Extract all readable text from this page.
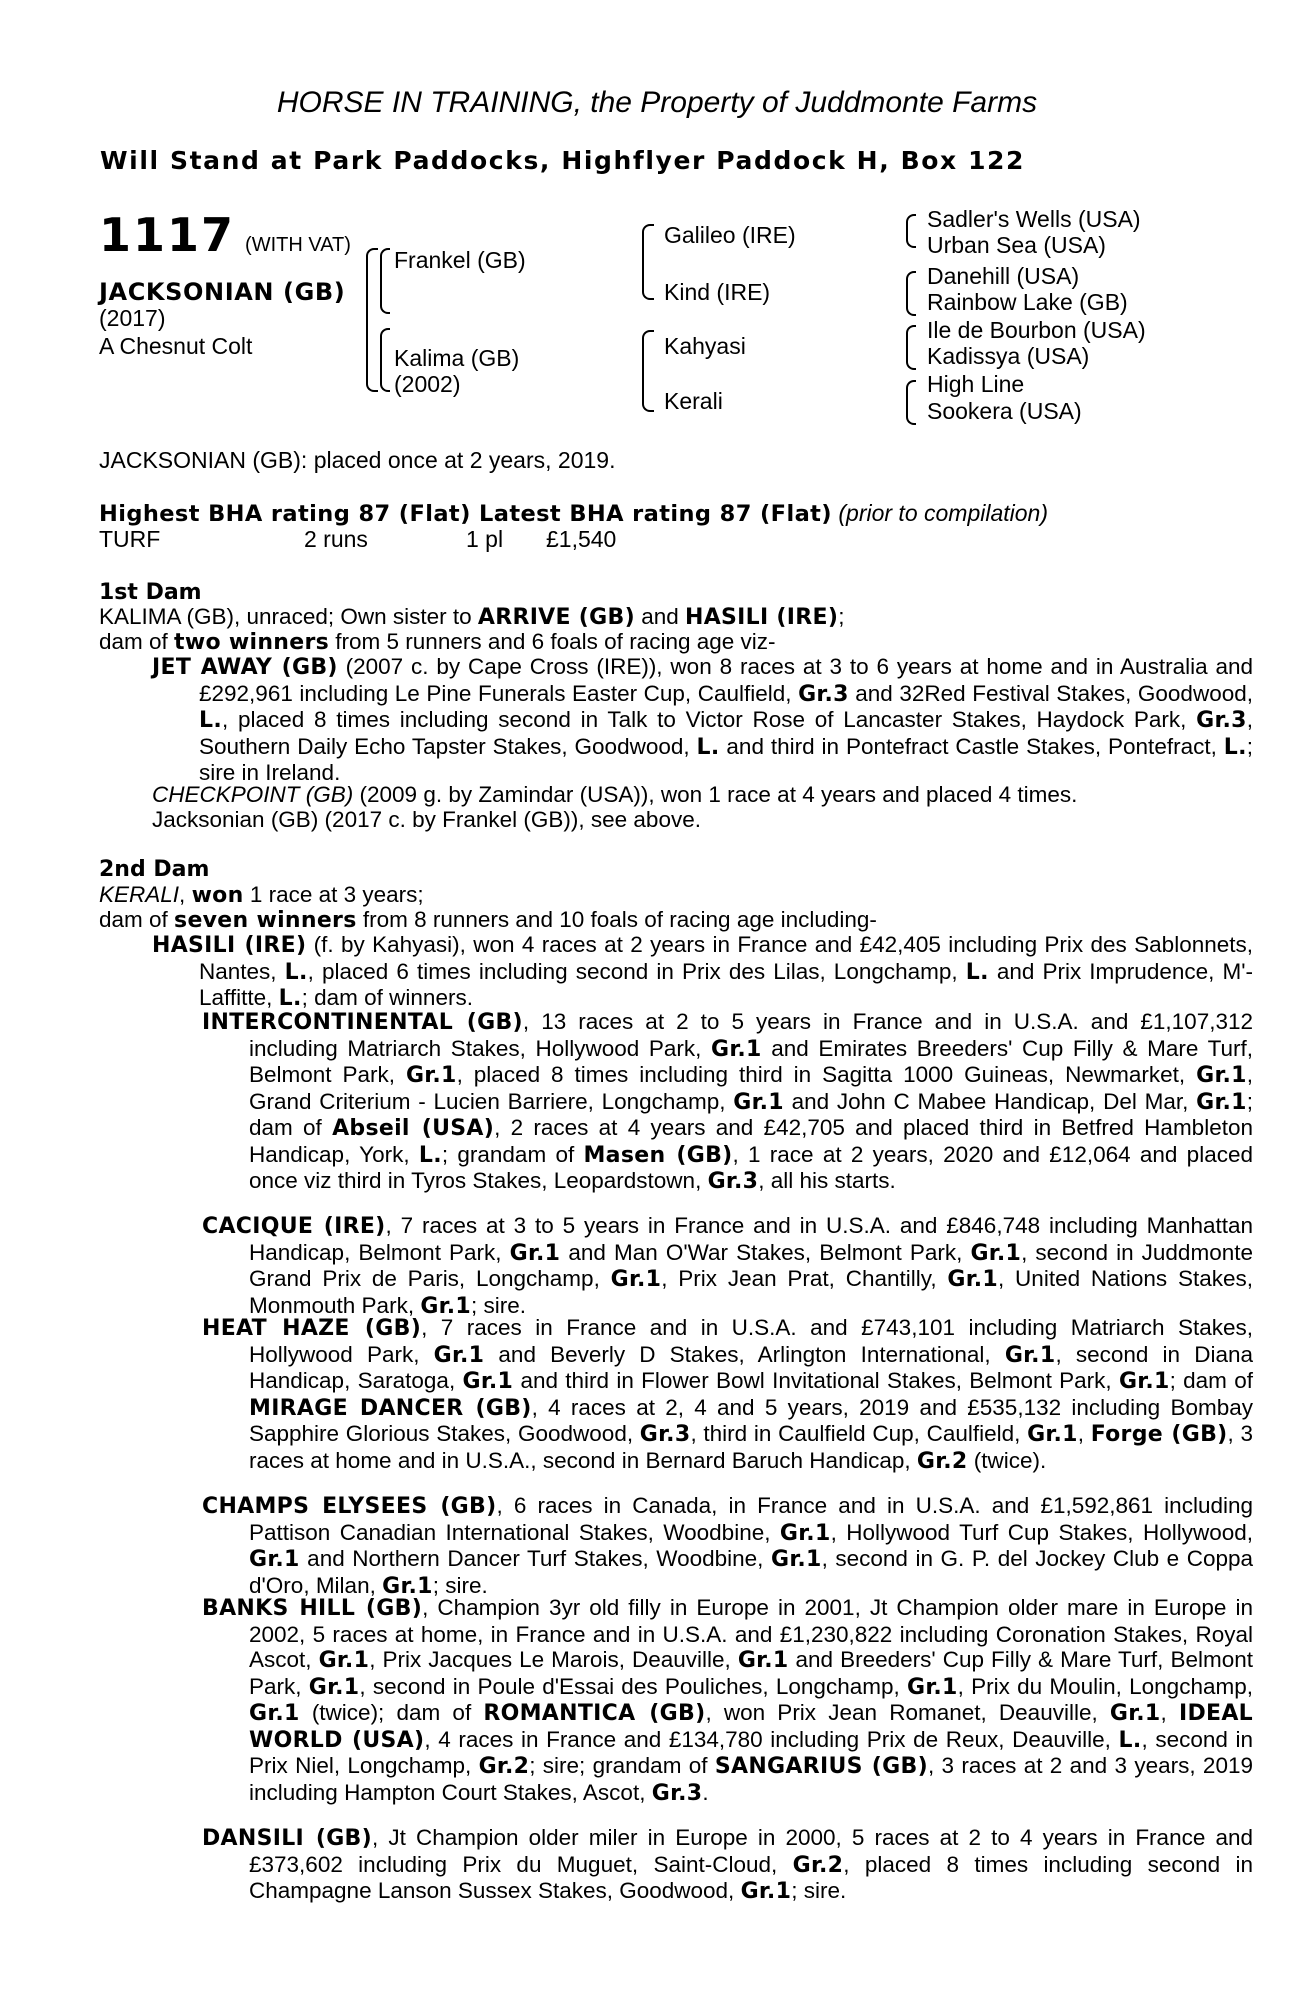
HORSE IN TRAINING, the Property of Juddmonte Farms
Will Stand at Park Paddocks, Highflyer Paddock H, Box 122
1117 (WITH VAT)
JACKSONIAN (GB)
(2017)
A Chesnut Colt
Frankel (GB)
Kalima (GB)
(2002)
Galileo (IRE)
Kind (IRE)
Kahyasi
Kerali
Sadler's Wells (USA)
Urban Sea (USA)
Danehill (USA)
Rainbow Lake (GB)
Ile de Bourbon (USA)
Kadissya (USA)
High Line
Sookera (USA)
JACKSONIAN (GB): placed once at 2 years, 2019.
Highest BHA rating 87 (Flat) Latest BHA rating 87 (Flat) (prior to compilation)
TURF	2 runs	1 pl £1,540
1st Dam
KALIMA (GB), unraced; Own sister to ARRIVE (GB) and HASILI (IRE);
dam of two winners from 5 runners and 6 foals of racing age viz-
JET AWAY (GB) (2007 c. by Cape Cross (IRE)), won 8 races at 3 to 6 years at home and in Australia and £292,961 including Le Pine Funerals Easter Cup, Caulfield, Gr.3 and 32Red Festival Stakes, Goodwood, L., placed 8 times including second in Talk to Victor Rose of Lancaster Stakes, Haydock Park, Gr.3, Southern Daily Echo Tapster Stakes, Goodwood, L. and third in Pontefract Castle Stakes, Pontefract, L.; sire in Ireland.
CHECKPOINT (GB) (2009 g. by Zamindar (USA)), won 1 race at 4 years and placed 4 times.
Jacksonian (GB) (2017 c. by Frankel (GB)), see above.
2nd Dam
KERALI, won 1 race at 3 years;
dam of seven winners from 8 runners and 10 foals of racing age including-
HASILI (IRE) (f. by Kahyasi), won 4 races at 2 years in France and £42,405 including Prix des Sablonnets, Nantes, L., placed 6 times including second in Prix des Lilas, Longchamp, L. and Prix Imprudence, M'-Laffitte, L.; dam of winners.
INTERCONTINENTAL (GB), 13 races at 2 to 5 years in France and in U.S.A. and £1,107,312 including Matriarch Stakes, Hollywood Park, Gr.1 and Emirates Breeders' Cup Filly & Mare Turf, Belmont Park, Gr.1, placed 8 times including third in Sagitta 1000 Guineas, Newmarket, Gr.1, Grand Criterium - Lucien Barriere, Longchamp, Gr.1 and John C Mabee Handicap, Del Mar, Gr.1; dam of Abseil (USA), 2 races at 4 years and £42,705 and placed third in Betfred Hambleton Handicap, York, L.; grandam of Masen (GB), 1 race at 2 years, 2020 and £12,064 and placed once viz third in Tyros Stakes, Leopardstown, Gr.3, all his starts.
CACIQUE (IRE), 7 races at 3 to 5 years in France and in U.S.A. and £846,748 including Manhattan Handicap, Belmont Park, Gr.1 and Man O'War Stakes, Belmont Park, Gr.1, second in Juddmonte Grand Prix de Paris, Longchamp, Gr.1, Prix Jean Prat, Chantilly, Gr.1, United Nations Stakes, Monmouth Park, Gr.1; sire.
HEAT HAZE (GB), 7 races in France and in U.S.A. and £743,101 including Matriarch Stakes, Hollywood Park, Gr.1 and Beverly D Stakes, Arlington International, Gr.1, second in Diana Handicap, Saratoga, Gr.1 and third in Flower Bowl Invitational Stakes, Belmont Park, Gr.1; dam of MIRAGE DANCER (GB), 4 races at 2, 4 and 5 years, 2019 and £535,132 including Bombay Sapphire Glorious Stakes, Goodwood, Gr.3, third in Caulfield Cup, Caulfield, Gr.1, Forge (GB), 3 races at home and in U.S.A., second in Bernard Baruch Handicap, Gr.2 (twice).
CHAMPS ELYSEES (GB), 6 races in Canada, in France and in U.S.A. and £1,592,861 including Pattison Canadian International Stakes, Woodbine, Gr.1, Hollywood Turf Cup Stakes, Hollywood, Gr.1 and Northern Dancer Turf Stakes, Woodbine, Gr.1, second in G. P. del Jockey Club e Coppa d'Oro, Milan, Gr.1; sire.
BANKS HILL (GB), Champion 3yr old filly in Europe in 2001, Jt Champion older mare in Europe in 2002, 5 races at home, in France and in U.S.A. and £1,230,822 including Coronation Stakes, Royal Ascot, Gr.1, Prix Jacques Le Marois, Deauville, Gr.1 and Breeders' Cup Filly & Mare Turf, Belmont Park, Gr.1, second in Poule d'Essai des Pouliches, Longchamp, Gr.1, Prix du Moulin, Longchamp, Gr.1 (twice); dam of ROMANTICA (GB), won Prix Jean Romanet, Deauville, Gr.1, IDEAL WORLD (USA), 4 races in France and £134,780 including Prix de Reux, Deauville, L., second in Prix Niel, Longchamp, Gr.2; sire; grandam of SANGARIUS (GB), 3 races at 2 and 3 years, 2019 including Hampton Court Stakes, Ascot, Gr.3.
DANSILI (GB), Jt Champion older miler in Europe in 2000, 5 races at 2 to 4 years in France and £373,602 including Prix du Muguet, Saint-Cloud, Gr.2, placed 8 times including second in Champagne Lanson Sussex Stakes, Goodwood, Gr.1; sire.
